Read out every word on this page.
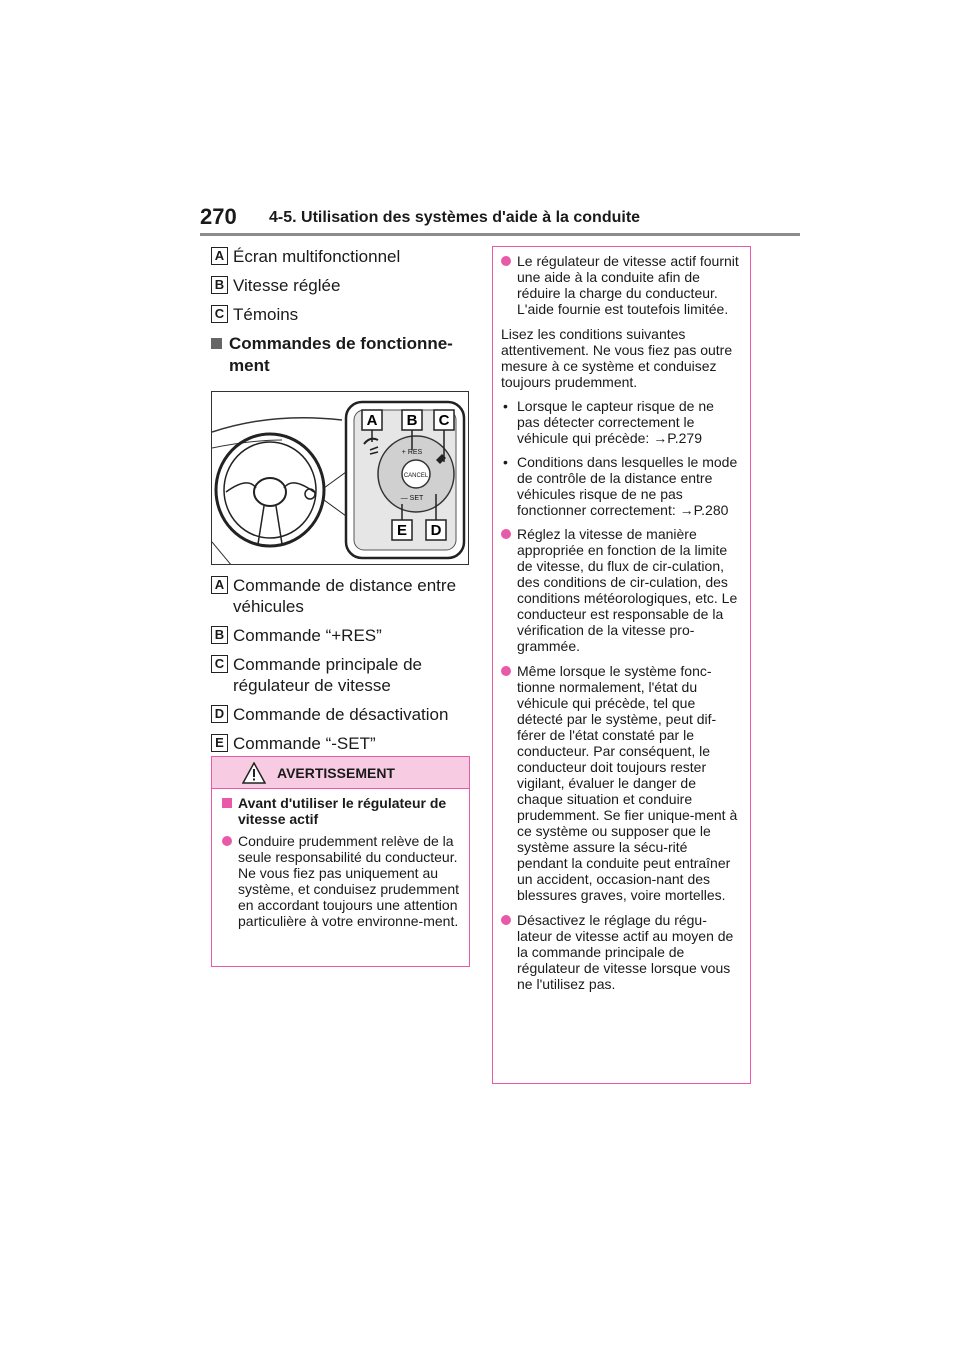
270 4-5. Utilisation des systèmes d'aide à la conduite
A Écran multifonctionnel
B Vitesse réglée
C Témoins
Commandes de fonctionne-ment
CANCEL
+ RES
— SET
A B C
E D
A Commande de distance entre véhicules
B Commande “+RES”
C Commande principale de régulateur de vitesse
D Commande de désactivation
E Commande “-SET”
AVERTISSEMENT
Avant d'utiliser le régulateur de vitesse actif
Conduire prudemment relève de la seule responsabilité du conducteur. Ne vous fiez pas uniquement au système, et conduisez prudemment en accordant toujours une attention particulière à votre environne-ment.
Le régulateur de vitesse actif fournit une aide à la conduite afin de réduire la charge du conducteur. L'aide fournie est toutefois limitée.
Lisez les conditions suivantes attentivement. Ne vous fiez pas outre mesure à ce système et conduisez toujours prudemment.
• Lorsque le capteur risque de ne pas détecter correctement le véhicule qui précède: →P.279
• Conditions dans lesquelles le mode de contrôle de la distance entre véhicules risque de ne pas fonctionner correctement: →P.280
Réglez la vitesse de manière appropriée en fonction de la limite de vitesse, du flux de cir-culation, des conditions de cir-culation, des conditions météorologiques, etc. Le conducteur est responsable de la vérification de la vitesse pro-grammée.
Même lorsque le système fonc-tionne normalement, l'état du véhicule qui précède, tel que détecté par le système, peut dif-férer de l'état constaté par le conducteur. Par conséquent, le conducteur doit toujours rester vigilant, évaluer le danger de chaque situation et conduire prudemment. Se fier unique-ment à ce système ou supposer que le système assure la sécu-rité pendant la conduite peut entraîner un accident, occasion-nant des blessures graves, voire mortelles.
Désactivez le réglage du régu-lateur de vitesse actif au moyen de la commande principale de régulateur de vitesse lorsque vous ne l'utilisez pas.
